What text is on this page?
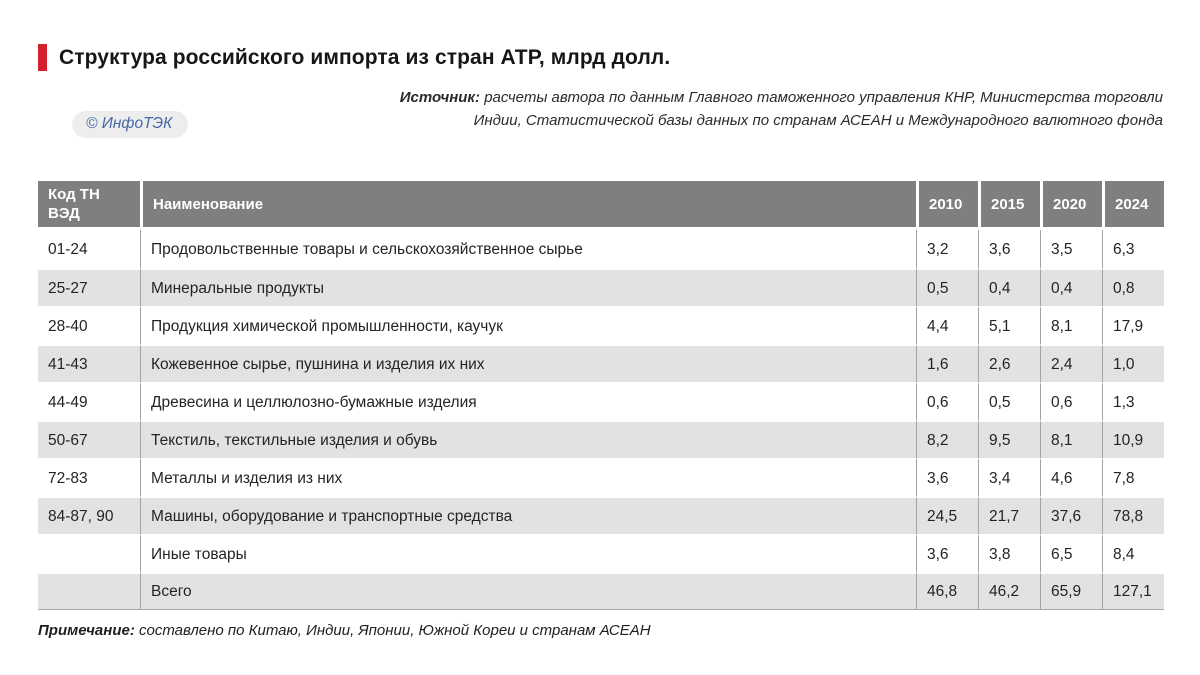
Структура российского импорта из стран АТР, млрд долл.

Источник: расчеты автора по данным Главного таможенного управления КНР, Министерства торговли Индии, Статистической базы данных по странам АСЕАН и Международного валютного фонда

© ИнфоТЭК
Код ТН ВЭД	Наименование	2010	2015	2020	2024
01-24	Продовольственные товары и сельскохозяйственное сырье	3,2	3,6	3,5	6,3
25-27	Минеральные продукты	0,5	0,4	0,4	0,8
28-40	Продукция химической промышленности, каучук	4,4	5,1	8,1	17,9
41-43	Кожевенное сырье, пушнина и изделия их них	1,6	2,6	2,4	1,0
44-49	Древесина и целлюлозно-бумажные изделия	0,6	0,5	0,6	1,3
50-67	Текстиль, текстильные изделия и обувь	8,2	9,5	8,1	10,9
72-83	Металлы и изделия из них	3,6	3,4	4,6	7,8
84-87, 90	Машины, оборудование и транспортные средства	24,5	21,7	37,6	78,8
	Иные товары	3,6	3,8	6,5	8,4
	Всего	46,8	46,2	65,9	127,1

Примечание: составлено по Китаю, Индии, Японии, Южной Кореи и странам АСЕАН
